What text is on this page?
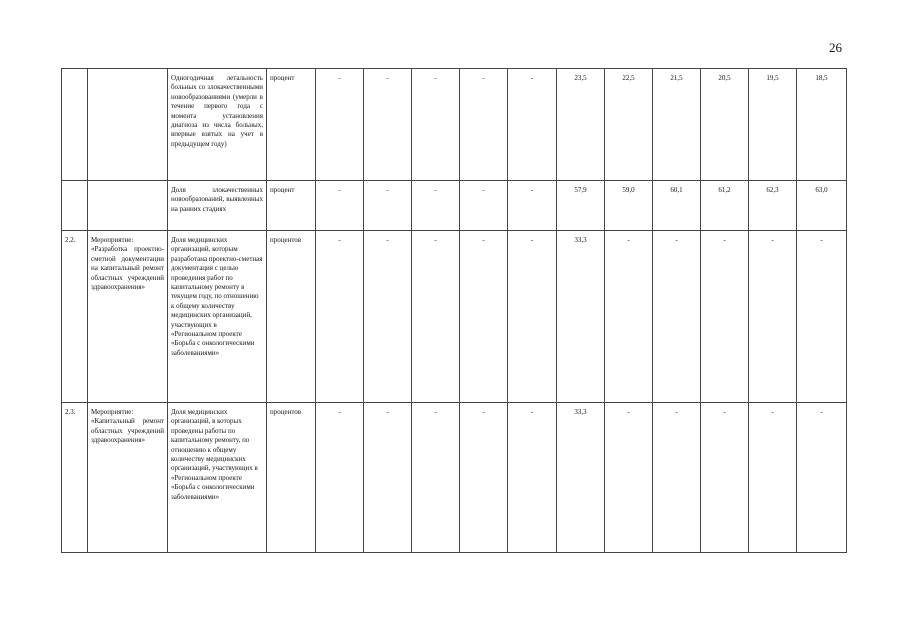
26
		Одногодичная летальность больных со злокачественными новообразованиями (умерли в течение первого года с момента установления диагноза из числа больных, впервые взятых на учет в предыдущем году)	процент	-	-	-	-	-	23,5	22,5	21,5	20,5	19,5	18,5
		Доля злокачественных новообразований, выявленных на ранних стадиях	процент	-	-	-	-	-	57,9	59,0	60,1	61,2	62,3	63,0
2.2.	Мероприятие: «Разработка проектно-сметной документации на капитальный ремонт областных учреждений здравоохранения»	Доля медицинских организаций, которым разработана проектно-сметная документация с целью проведения работ по капитальному ремонту в текущем году, по отношению к общему количеству медицинских организаций, участвующих в «Региональном проекте «Борьба с онкологическими заболеваниями»	процентов	-	-	-	-	-	33,3	-	-	-	-	-
2.3.	Мероприятие: «Капитальный ремонт областных учреждений здравоохранения»	Доля медицинских организаций, в которых проведены работы по капитальному ремонту, по отношению к общему количеству медицинских организаций, участвующих в «Региональном проекте «Борьба с онкологическими заболеваниями»	процентов	-	-	-	-	-	33,3	-	-	-	-	-
